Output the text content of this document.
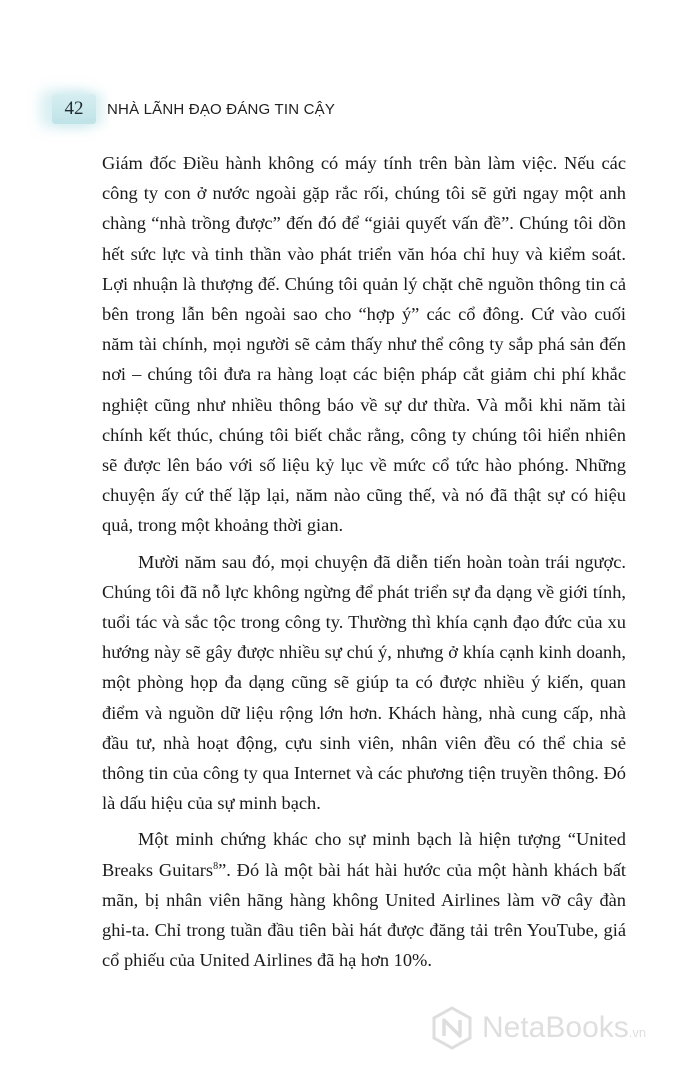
42	NHÀ LÃNH ĐẠO ĐÁNG TIN CẬY

Giám đốc Điều hành không có máy tính trên bàn làm việc. Nếu các công ty con ở nước ngoài gặp rắc rối, chúng tôi sẽ gửi ngay một anh chàng “nhà trồng được” đến đó để “giải quyết vấn đề”. Chúng tôi dồn hết sức lực và tinh thần vào phát triển văn hóa chỉ huy và kiểm soát. Lợi nhuận là thượng đế. Chúng tôi quản lý chặt chẽ nguồn thông tin cả bên trong lẫn bên ngoài sao cho “hợp ý” các cổ đông. Cứ vào cuối năm tài chính, mọi người sẽ cảm thấy như thể công ty sắp phá sản đến nơi – chúng tôi đưa ra hàng loạt các biện pháp cắt giảm chi phí khắc nghiệt cũng như nhiều thông báo về sự dư thừa. Và mỗi khi năm tài chính kết thúc, chúng tôi biết chắc rằng, công ty chúng tôi hiển nhiên sẽ được lên báo với số liệu kỷ lục về mức cổ tức hào phóng. Những chuyện ấy cứ thế lặp lại, năm nào cũng thế, và nó đã thật sự có hiệu quả, trong một khoảng thời gian.

Mười năm sau đó, mọi chuyện đã diễn tiến hoàn toàn trái ngược. Chúng tôi đã nỗ lực không ngừng để phát triển sự đa dạng về giới tính, tuổi tác và sắc tộc trong công ty. Thường thì khía cạnh đạo đức của xu hướng này sẽ gây được nhiều sự chú ý, nhưng ở khía cạnh kinh doanh, một phòng họp đa dạng cũng sẽ giúp ta có được nhiều ý kiến, quan điểm và nguồn dữ liệu rộng lớn hơn. Khách hàng, nhà cung cấp, nhà đầu tư, nhà hoạt động, cựu sinh viên, nhân viên đều có thể chia sẻ thông tin của công ty qua Internet và các phương tiện truyền thông. Đó là dấu hiệu của sự minh bạch.

Một minh chứng khác cho sự minh bạch là hiện tượng “United Breaks Guitars$^8$”. Đó là một bài hát hài hước của một hành khách bất mãn, bị nhân viên hãng hàng không United Airlines làm vỡ cây đàn ghi-ta. Chỉ trong tuần đầu tiên bài hát được đăng tải trên YouTube, giá cổ phiếu của United Airlines đã hạ hơn 10%.

NetaBooks.vn
